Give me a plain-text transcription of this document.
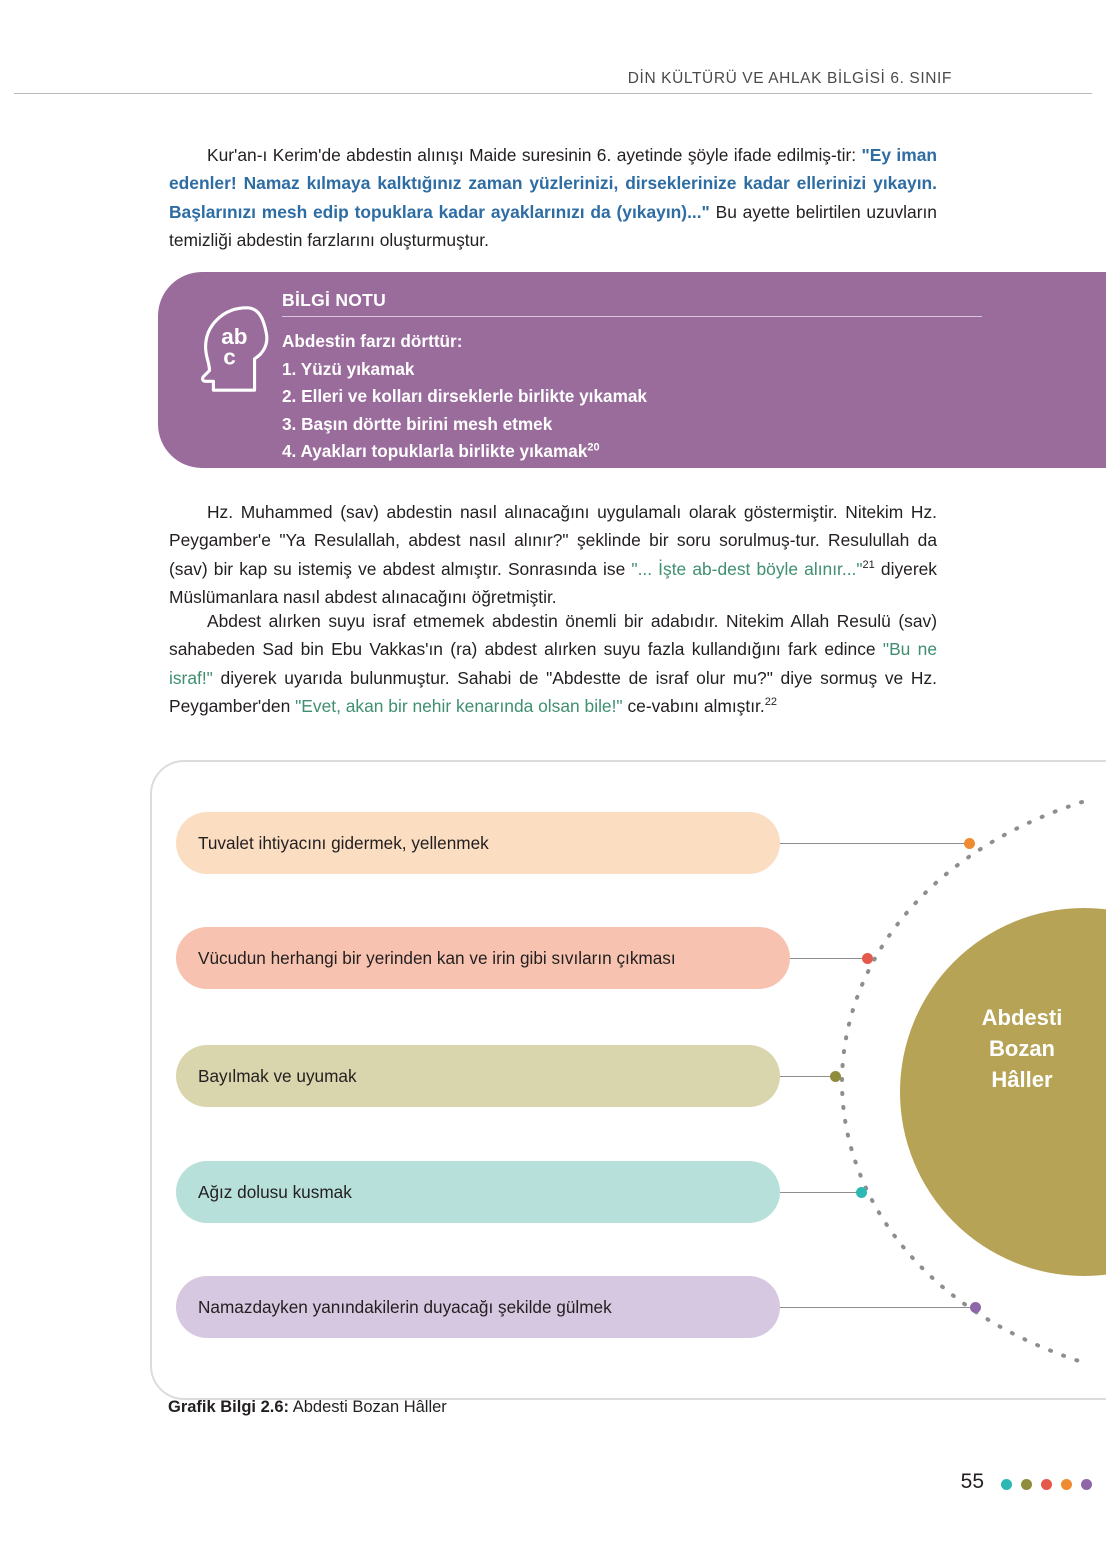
DİN KÜLTÜRÜ VE AHLAK BİLGİSİ 6. SINIF
Kur'an-ı Kerim'de abdestin alınışı Maide suresinin 6. ayetinde şöyle ifade edilmiş-tir: "Ey iman edenler! Namaz kılmaya kalktığınız zaman yüzlerinizi, dirseklerinize kadar ellerinizi yıkayın. Başlarınızı mesh edip topuklara kadar ayaklarınızı da (yıkayın)..." Bu ayette belirtilen uzuvların temizliği abdestin farzlarını oluşturmuştur.
ab
c
BİLGİ NOTU
Abdestin farzı dörttür:
1. Yüzü yıkamak
2. Elleri ve kolları dirseklerle birlikte yıkamak
3. Başın dörtte birini mesh etmek
4. Ayakları topuklarla birlikte yıkamak$^{20}$
Hz. Muhammed (sav) abdestin nasıl alınacağını uygulamalı olarak göstermiştir. Nitekim Hz. Peygamber'e "Ya Resulallah, abdest nasıl alınır?" şeklinde bir soru sorulmuş-tur. Resulullah da (sav) bir kap su istemiş ve abdest almıştır. Sonrasında ise "... İşte ab-dest böyle alınır..."$^{21}$ diyerek Müslümanlara nasıl abdest alınacağını öğretmiştir.
Abdest alırken suyu israf etmemek abdestin önemli bir adabıdır. Nitekim Allah Resulü (sav) sahabeden Sad bin Ebu Vakkas'ın (ra) abdest alırken suyu fazla kullandığını fark edince "Bu ne israf!" diyerek uyarıda bulunmuştur. Sahabi de "Abdestte de israf olur mu?" diye sormuş ve Hz. Peygamber'den "Evet, akan bir nehir kenarında olsan bile!" ce-vabını almıştır.$^{22}$
Abdesti
Bozan
Hâller
Tuvalet ihtiyacını gidermek, yellenmek
Vücudun herhangi bir yerinden kan ve irin gibi sıvıların çıkması
Bayılmak ve uyumak
Ağız dolusu kusmak
Namazdayken yanındakilerin duyacağı şekilde gülmek
Grafik Bilgi 2.6: Abdesti Bozan Hâller
55
